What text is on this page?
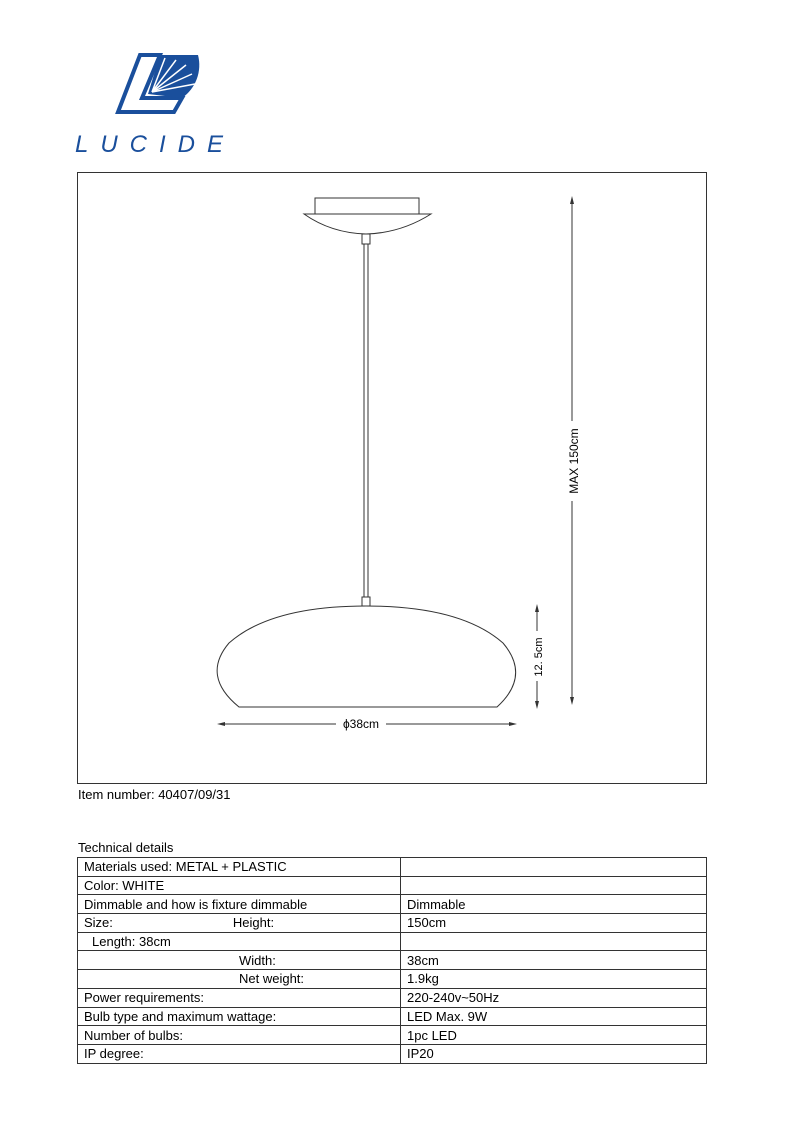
LUCIDE
MAX 150cm
12. 5cm
ϕ38cm
Item number: 40407/09/31
Technical details
Materials used: METAL + PLASTIC	
Color: WHITE	
Dimmable and how is fixture dimmable	Dimmable
Size: Height:	150cm
Length: 38cm	
Width:	38cm
Net weight:	1.9kg
Power requirements:	220-240v~50Hz
Bulb type and maximum wattage:	LED Max. 9W
Number of bulbs:	1pc LED
IP degree:	IP20
